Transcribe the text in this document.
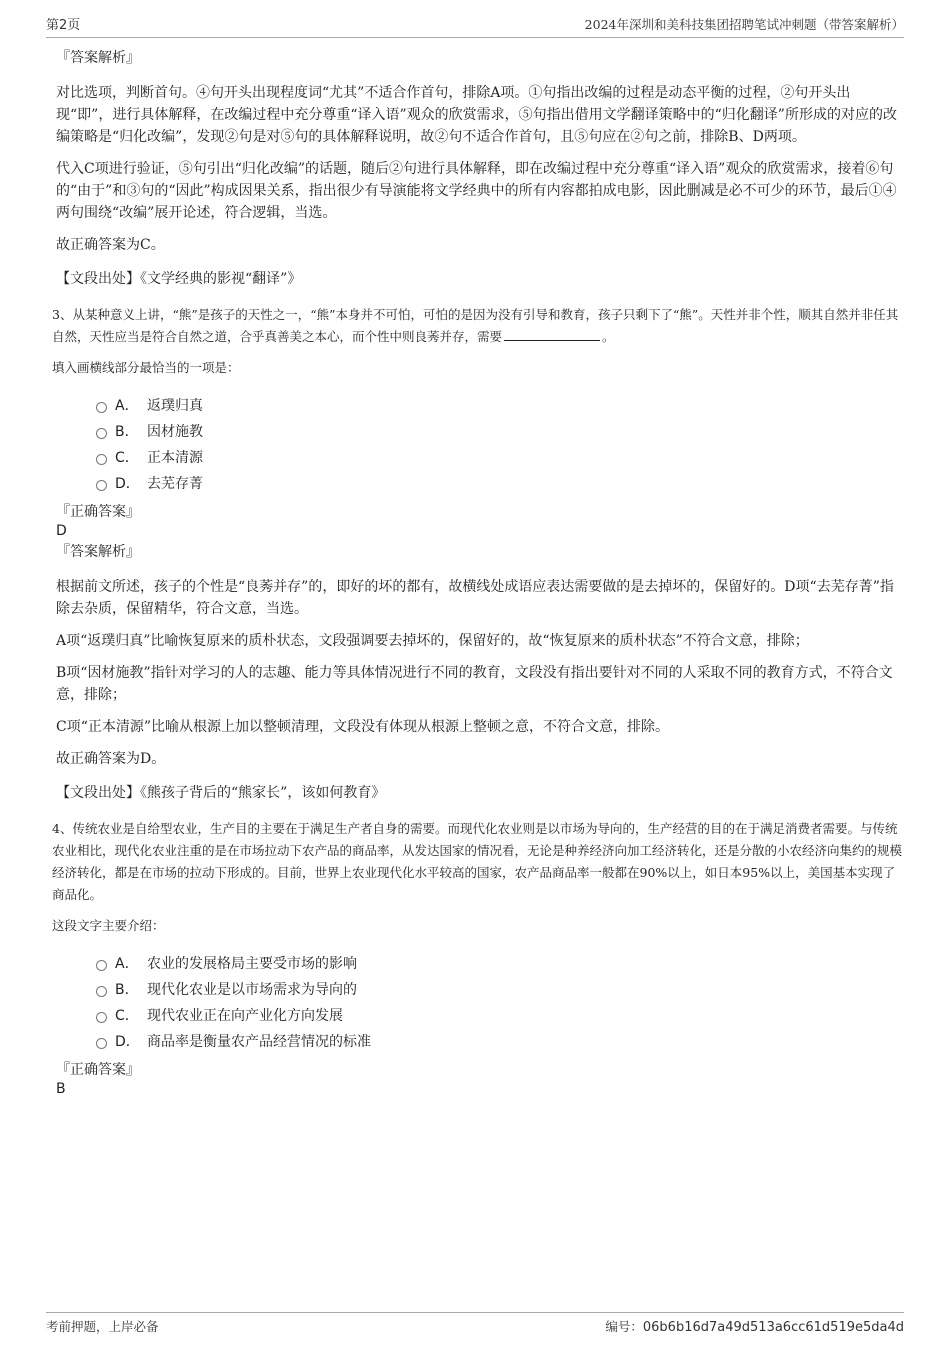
第2页	2024年深圳和美科技集团招聘笔试冲刺题（带答案解析）
『答案解析』

对比选项，判断首句。④句开头出现程度词“尤其”不适合作首句，排除A项。①句指出改编的过程是动态平衡的过程，②句开头出现“即”，进行具体解释，在改编过程中充分尊重“译入语”观众的欣赏需求，⑤句指出借用文学翻译策略中的“归化翻译”所形成的对应的改编策略是“归化改编”，发现②句是对⑤句的具体解释说明，故②句不适合作首句，且⑤句应在②句之前，排除B、D两项。

代入C项进行验证，⑤句引出“归化改编”的话题，随后②句进行具体解释，即在改编过程中充分尊重“译入语”观众的欣赏需求，接着⑥句的“由于”和③句的“因此”构成因果关系，指出很少有导演能将文学经典中的所有内容都拍成电影，因此删减是必不可少的环节，最后①④两句围绕“改编”展开论述，符合逻辑，当选。

故正确答案为C。

【文段出处】《文学经典的影视“翻译”》
3、从某种意义上讲，“熊”是孩子的天性之一，“熊”本身并不可怕，可怕的是因为没有引导和教育，孩子只剩下了“熊”。天性并非个性，顺其自然并非任其自然，天性应当是符合自然之道，合乎真善美之本心，而个性中则良莠并存，需要	。
填入画横线部分最恰当的一项是：
A． 返璞归真
B． 因材施教
C． 正本清源
D． 去芜存菁
『正确答案』
D
『答案解析』

根据前文所述，孩子的个性是“良莠并存”的，即好的坏的都有，故横线处成语应表达需要做的是去掉坏的，保留好的。D项“去芜存菁”指除去杂质，保留精华，符合文意，当选。

A项“返璞归真”比喻恢复原来的质朴状态，文段强调要去掉坏的，保留好的，故“恢复原来的质朴状态”不符合文意，排除；

B项“因材施教”指针对学习的人的志趣、能力等具体情况进行不同的教育，文段没有指出要针对不同的人采取不同的教育方式，不符合文意，排除；

C项“正本清源”比喻从根源上加以整顿清理，文段没有体现从根源上整顿之意，不符合文意，排除。

故正确答案为D。

【文段出处】《熊孩子背后的“熊家长”，该如何教育》
4、传统农业是自给型农业，生产目的主要在于满足生产者自身的需要。而现代化农业则是以市场为导向的，生产经营的目的在于满足消费者需要。与传统农业相比，现代化农业注重的是在市场拉动下农产品的商品率，从发达国家的情况看，无论是种养经济向加工经济转化，还是分散的小农经济向集约的规模经济转化，都是在市场的拉动下形成的。目前，世界上农业现代化水平较高的国家，农产品商品率一般都在90%以上，如日本95%以上，美国基本实现了商品化。
这段文字主要介绍：
A． 农业的发展格局主要受市场的影响
B． 现代化农业是以市场需求为导向的
C． 现代农业正在向产业化方向发展
D． 商品率是衡量农产品经营情况的标准
『正确答案』
B
考前押题，上岸必备	编号：06b6b16d7a49d513a6cc61d519e5da4d
